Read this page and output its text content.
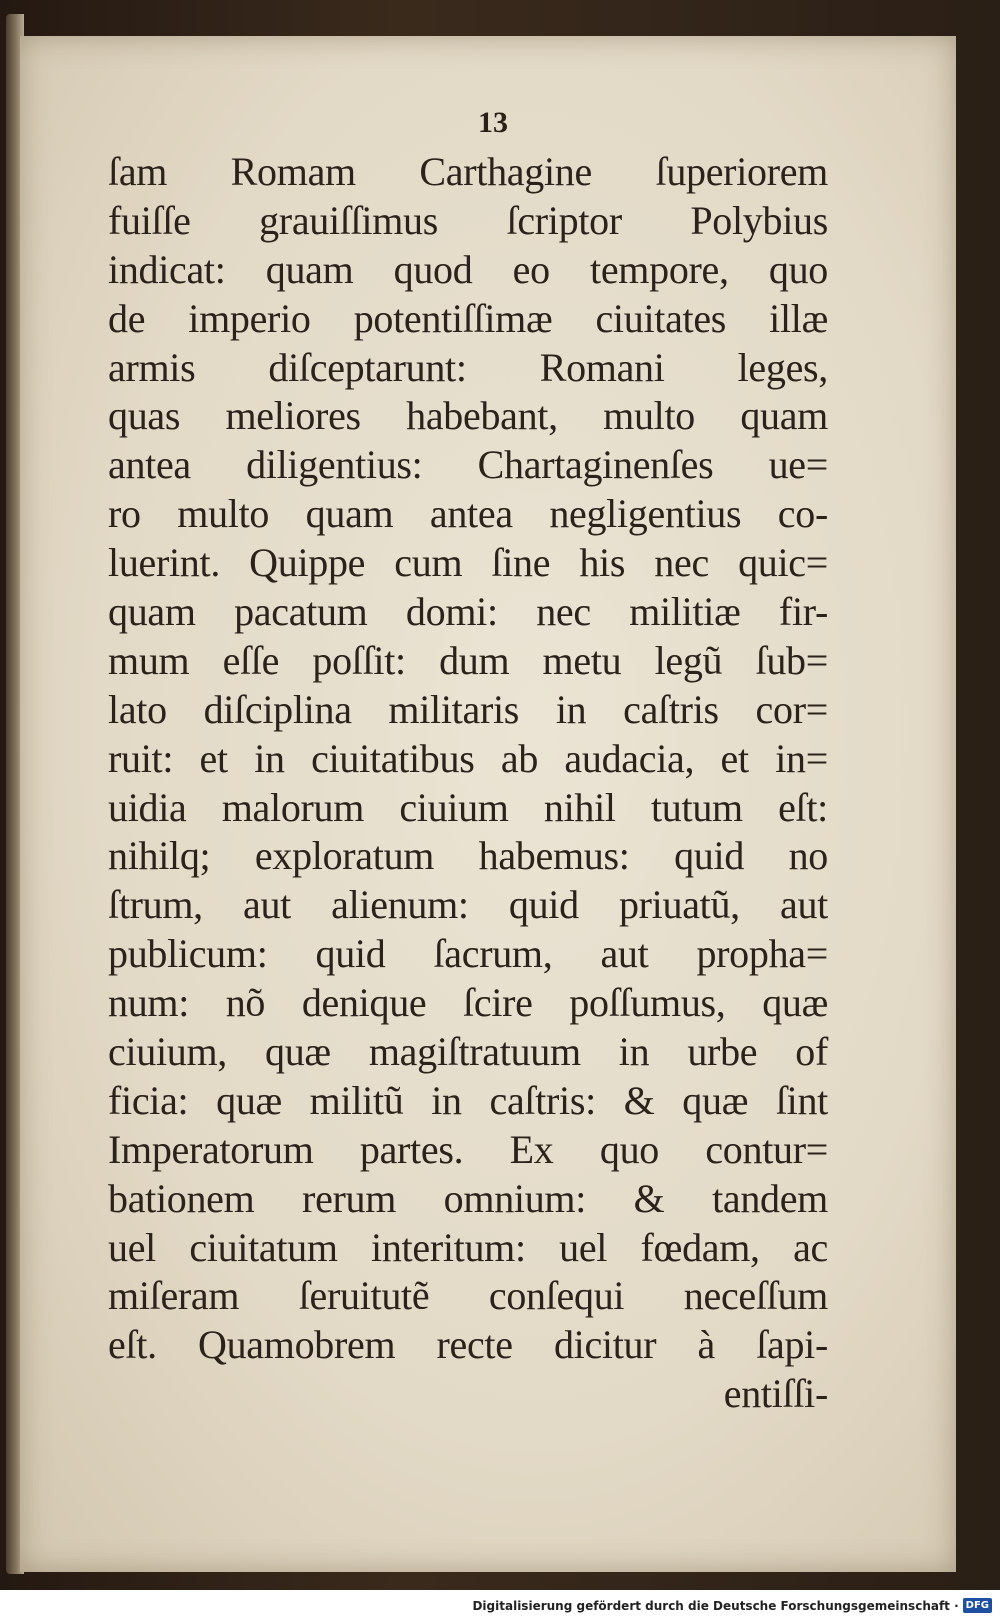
13
ſam Romam Carthagine ſuperiorem
fuiſſe grauiſſimus ſcriptor Polybius
indicat: quam quod eo tempore, quo
de imperio potentiſſimæ ciuitates illæ
armis diſceptarunt: Romani leges,
quas meliores habebant, multo quam
antea diligentius: Chartaginenſes ue=
ro multo quam antea negligentius co-
luerint. Quippe cum ſine his nec quic=
quam pacatum domi: nec militiæ fir-
mum eſſe poſſit: dum metu legũ ſub=
lato diſciplina militaris in caſtris cor=
ruit: et in ciuitatibus ab audacia, et in=
uidia malorum ciuium nihil tutum eſt:
nihilq; exploratum habemus: quid no
ſtrum, aut alienum: quid priuatũ, aut
publicum: quid ſacrum, aut propha=
num: nõ denique ſcire poſſumus, quæ
ciuium, quæ magiſtratuum in urbe of
ficia: quæ militũ in caſtris: & quæ ſint
Imperatorum partes. Ex quo contur=
bationem rerum omnium: & tandem
uel ciuitatum interitum: uel fœdam, ac
miſeram ſeruitutẽ conſequi neceſſum
eſt. Quamobrem recte dicitur à ſapi-
entiſſi-
Digitalisierung gefördert durch die Deutsche Forschungsgemeinschaft · DFG
